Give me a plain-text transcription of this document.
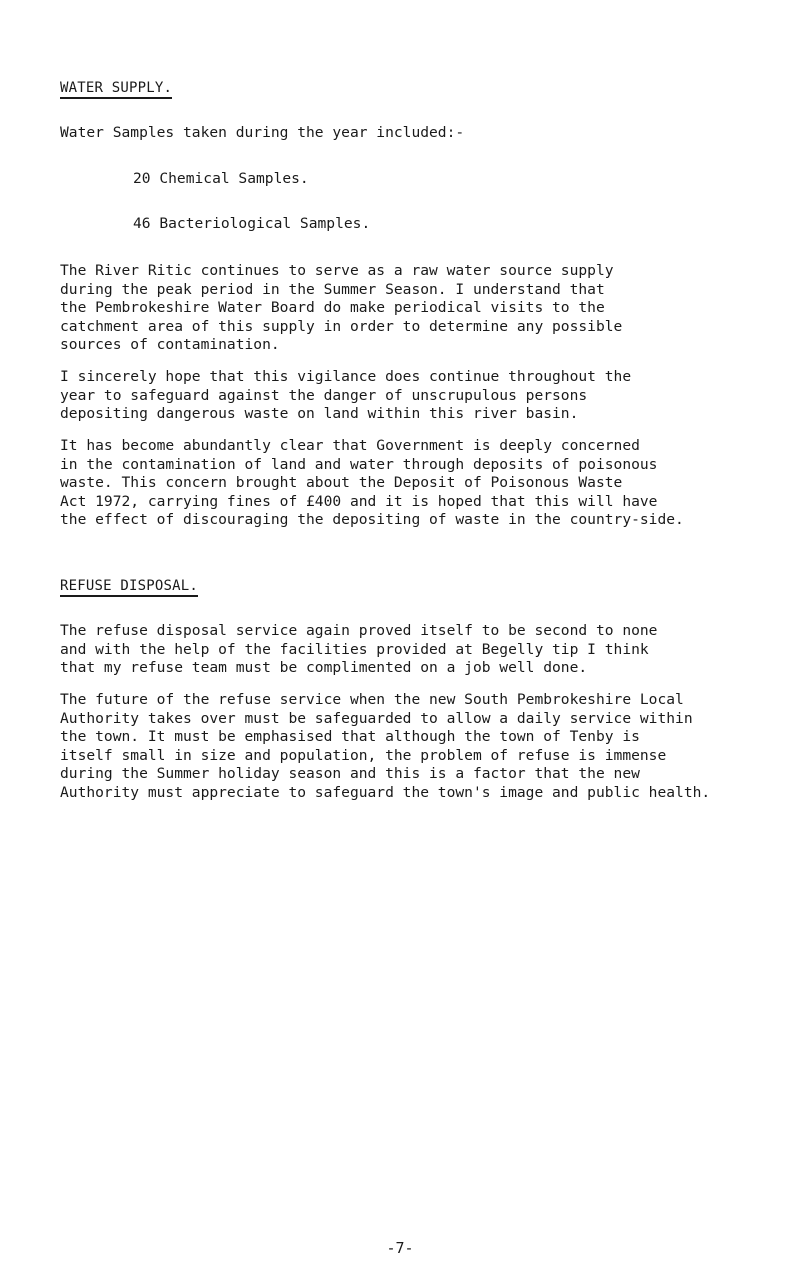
WATER SUPPLY.
Water Samples taken during the year included:-
20 Chemical Samples.
46 Bacteriological Samples.
The River Ritic continues to serve as a raw water source supply
during the peak period in the Summer Season. I understand that
the Pembrokeshire Water Board do make periodical visits to the
catchment area of this supply in order to determine any possible
sources of contamination.
I sincerely hope that this vigilance does continue throughout the
year to safeguard against the danger of unscrupulous persons
depositing dangerous waste on land within this river basin.
It has become abundantly clear that Government is deeply concerned
in the contamination of land and water through deposits of poisonous
waste. This concern brought about the Deposit of Poisonous Waste
Act 1972, carrying fines of £400 and it is hoped that this will have
the effect of discouraging the depositing of waste in the country-side.
REFUSE DISPOSAL.
The refuse disposal service again proved itself to be second to none
and with the help of the facilities provided at Begelly tip I think
that my refuse team must be complimented on a job well done.
The future of the refuse service when the new South Pembrokeshire Local
Authority takes over must be safeguarded to allow a daily service within
the town. It must be emphasised that although the town of Tenby is
itself small in size and population, the problem of refuse is immense
during the Summer holiday season and this is a factor that the new
Authority must appreciate to safeguard the town's image and public health.
-7-
